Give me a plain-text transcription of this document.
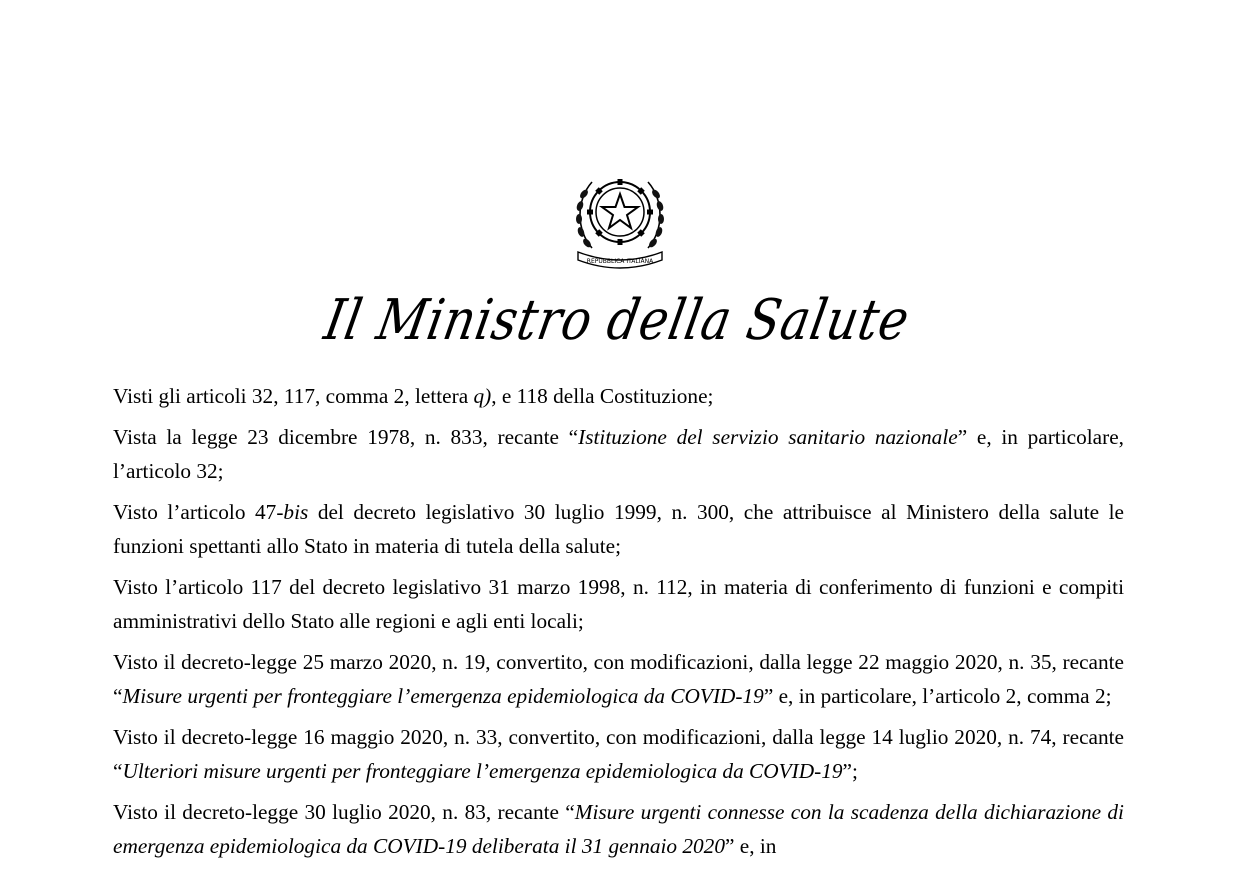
REPUBBLICA ITALIANA
Il Ministro della Salute

Visti gli articoli 32, 117, comma 2, lettera q), e 118 della Costituzione;

Vista la legge 23 dicembre 1978, n. 833, recante “Istituzione del servizio sanitario nazionale” e, in particolare, l’articolo 32;

Visto l’articolo 47-bis del decreto legislativo 30 luglio 1999, n. 300, che attribuisce al Ministero della salute le funzioni spettanti allo Stato in materia di tutela della salute;

Visto l’articolo 117 del decreto legislativo 31 marzo 1998, n. 112, in materia di conferimento di funzioni e compiti amministrativi dello Stato alle regioni e agli enti locali;

Visto il decreto-legge 25 marzo 2020, n. 19, convertito, con modificazioni, dalla legge 22 maggio 2020, n. 35, recante “Misure urgenti per fronteggiare l’emergenza epidemiologica da COVID-19” e, in particolare, l’articolo 2, comma 2;

Visto il decreto-legge 16 maggio 2020, n. 33, convertito, con modificazioni, dalla legge 14 luglio 2020, n. 74, recante “Ulteriori misure urgenti per fronteggiare l’emergenza epidemiologica da COVID-19”;

Visto il decreto-legge 30 luglio 2020, n. 83, recante “Misure urgenti connesse con la scadenza della dichiarazione di emergenza epidemiologica da COVID-19 deliberata il 31 gennaio 2020” e, in
